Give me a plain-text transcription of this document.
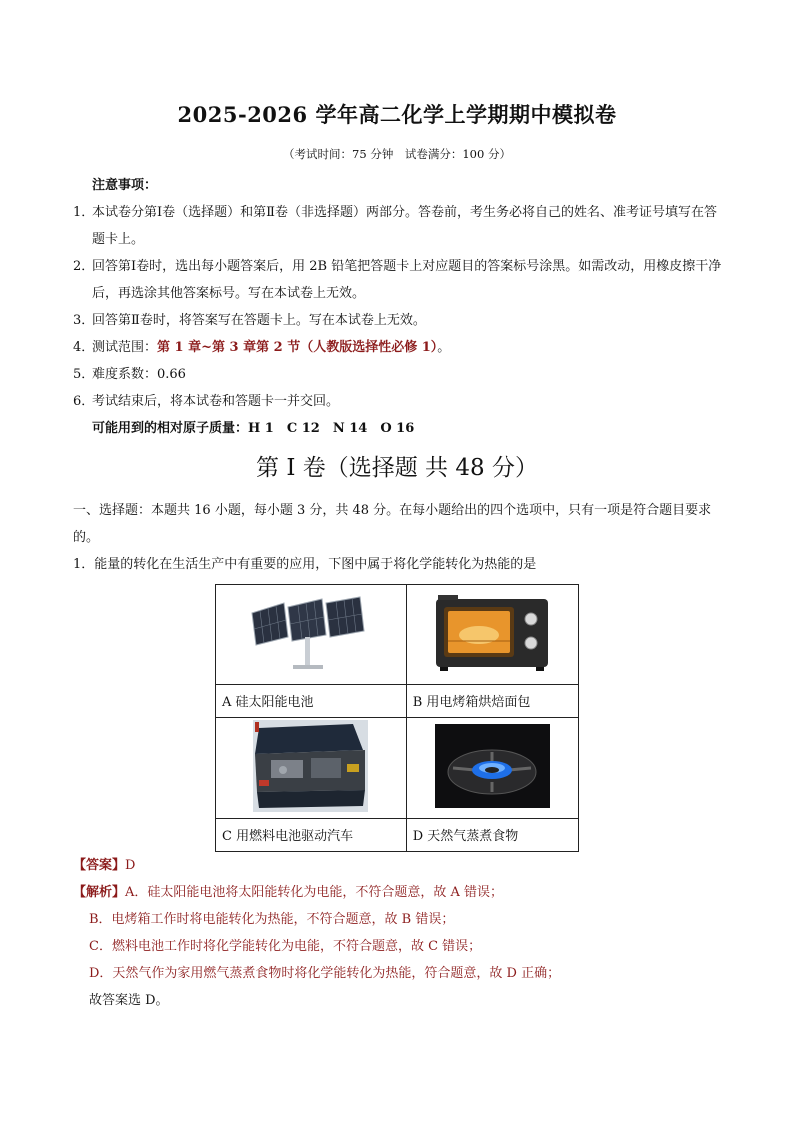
2025-2026 学年高二化学上学期期中模拟卷
（考试时间：75 分钟　试卷满分：100 分）
注意事项：
1．
本试卷分第Ⅰ卷（选择题）和第Ⅱ卷（非选择题）两部分。答卷前，考生务必将自己的姓名、准考证号填写在答题卡上。
2．
回答第Ⅰ卷时，选出每小题答案后，用 2B 铅笔把答题卡上对应题目的答案标号涂黑。如需改动，用橡皮擦干净后，再选涂其他答案标号。写在本试卷上无效。
3．
回答第Ⅱ卷时，将答案写在答题卡上。写在本试卷上无效。
4．
测试范围：第 1 章~第 3 章第 2 节（人教版选择性必修 1）。
5．
难度系数：0.66
6．
考试结束后，将本试卷和答题卡一并交回。
可能用到的相对原子质量：H 1　C 12　N 14　O 16
第 I 卷（选择题 共 48 分）
一、选择题：本题共 16 小题，每小题 3 分，共 48 分。在每小题给出的四个选项中，只有一项是符合题目要求的。
1．能量的转化在生活生产中有重要的应用，下图中属于将化学能转化为热能的是

A 硅太阳能电池	B 用电烤箱烘焙面包

C 用燃料电池驱动汽车	D 天然气蒸煮食物
【答案】D
【解析】A．硅太阳能电池将太阳能转化为电能，不符合题意，故 A 错误；
B．电烤箱工作时将电能转化为热能，不符合题意，故 B 错误；
C．燃料电池工作时将化学能转化为电能，不符合题意，故 C 错误；
D．天然气作为家用燃气蒸煮食物时将化学能转化为热能，符合题意，故 D 正确；
故答案选 D。
